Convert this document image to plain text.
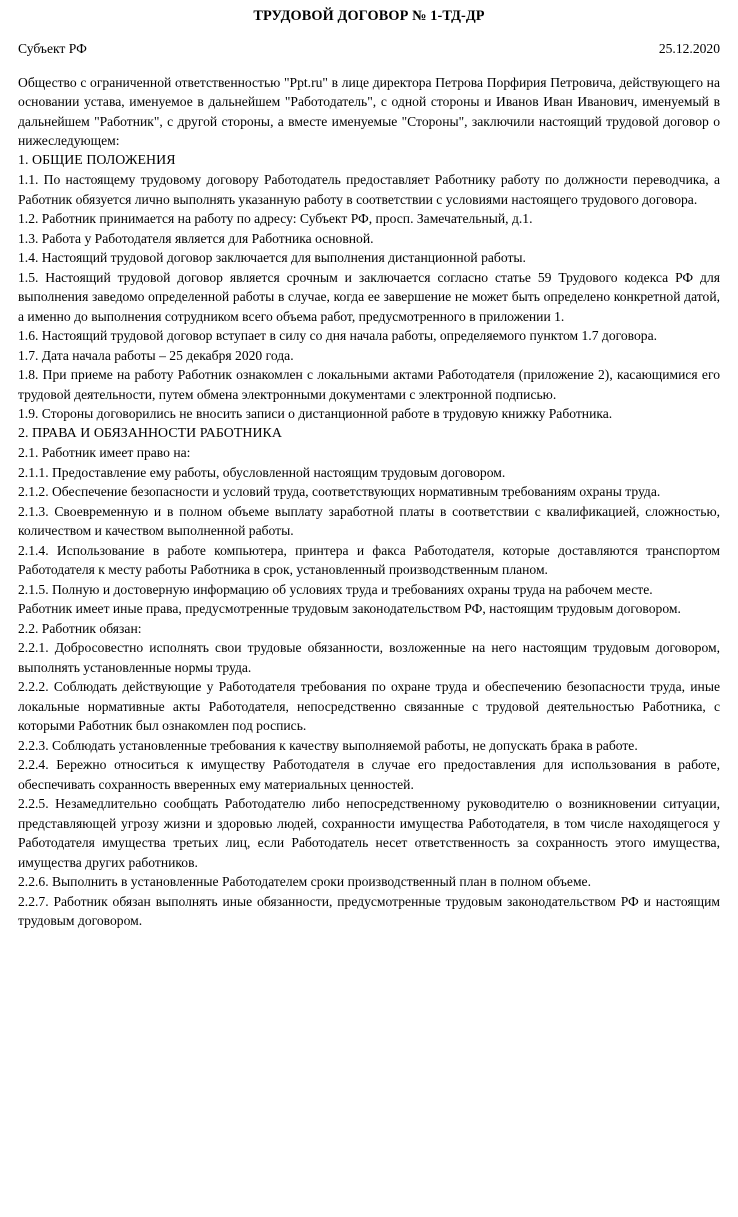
ТРУДОВОЙ ДОГОВОР № 1-ТД-ДР
Субъект РФ	25.12.2020

Общество с ограниченной ответственностью "Ppt.ru" в лице директора Петрова Порфирия Петровича, действующего на основании устава, именуемое в дальнейшем "Работодатель", с одной стороны и Иванов Иван Иванович, именуемый в дальнейшем "Работник", с другой стороны, а вместе именуемые "Стороны", заключили настоящий трудовой договор о нижеследующем:

1. ОБЩИЕ ПОЛОЖЕНИЯ

1.1. По настоящему трудовому договору Работодатель предоставляет Работнику работу по должности переводчика, а Работник обязуется лично выполнять указанную работу в соответствии с условиями настоящего трудового договора.

1.2. Работник принимается на работу по адресу: Субъект РФ, просп. Замечательный, д.1.

1.3. Работа у Работодателя является для Работника основной.

1.4. Настоящий трудовой договор заключается для выполнения дистанционной работы.

1.5. Настоящий трудовой договор является срочным и заключается согласно статье 59 Трудового кодекса РФ для выполнения заведомо определенной работы в случае, когда ее завершение не может быть определено конкретной датой, а именно до выполнения сотрудником всего объема работ, предусмотренного в приложении 1.

1.6. Настоящий трудовой договор вступает в силу со дня начала работы, определяемого пунктом 1.7 договора.

1.7. Дата начала работы – 25 декабря 2020 года.

1.8. При приеме на работу Работник ознакомлен с локальными актами Работодателя (приложение 2), касающимися его трудовой деятельности, путем обмена электронными документами с электронной подписью.

1.9. Стороны договорились не вносить записи о дистанционной работе в трудовую книжку Работника.

2. ПРАВА И ОБЯЗАННОСТИ РАБОТНИКА

2.1. Работник имеет право на:

2.1.1. Предоставление ему работы, обусловленной настоящим трудовым договором.

2.1.2. Обеспечение безопасности и условий труда, соответствующих нормативным требованиям охраны труда.

2.1.3. Своевременную и в полном объеме выплату заработной платы в соответствии с квалификацией, сложностью, количеством и качеством выполненной работы.

2.1.4. Использование в работе компьютера, принтера и факса Работодателя, которые доставляются транспортом Работодателя к месту работы Работника в срок, установленный производственным планом.

2.1.5. Полную и достоверную информацию об условиях труда и требованиях охраны труда на рабочем месте.

Работник имеет иные права, предусмотренные трудовым законодательством РФ, настоящим трудовым договором.

2.2. Работник обязан:

2.2.1. Добросовестно исполнять свои трудовые обязанности, возложенные на него настоящим трудовым договором, выполнять установленные нормы труда.

2.2.2. Соблюдать действующие у Работодателя требования по охране труда и обеспечению безопасности труда, иные локальные нормативные акты Работодателя, непосредственно связанные с трудовой деятельностью Работника, с которыми Работник был ознакомлен под роспись.

2.2.3. Соблюдать установленные требования к качеству выполняемой работы, не допускать брака в работе.

2.2.4. Бережно относиться к имуществу Работодателя в случае его предоставления для использования в работе, обеспечивать сохранность вверенных ему материальных ценностей.

2.2.5. Незамедлительно сообщать Работодателю либо непосредственному руководителю о возникновении ситуации, представляющей угрозу жизни и здоровью людей, сохранности имущества Работодателя, в том числе находящегося у Работодателя имущества третьих лиц, если Работодатель несет ответственность за сохранность этого имущества, имущества других работников.

2.2.6. Выполнить в установленные Работодателем сроки производственный план в полном объеме.

2.2.7. Работник обязан выполнять иные обязанности, предусмотренные трудовым законодательством РФ и настоящим трудовым договором.
